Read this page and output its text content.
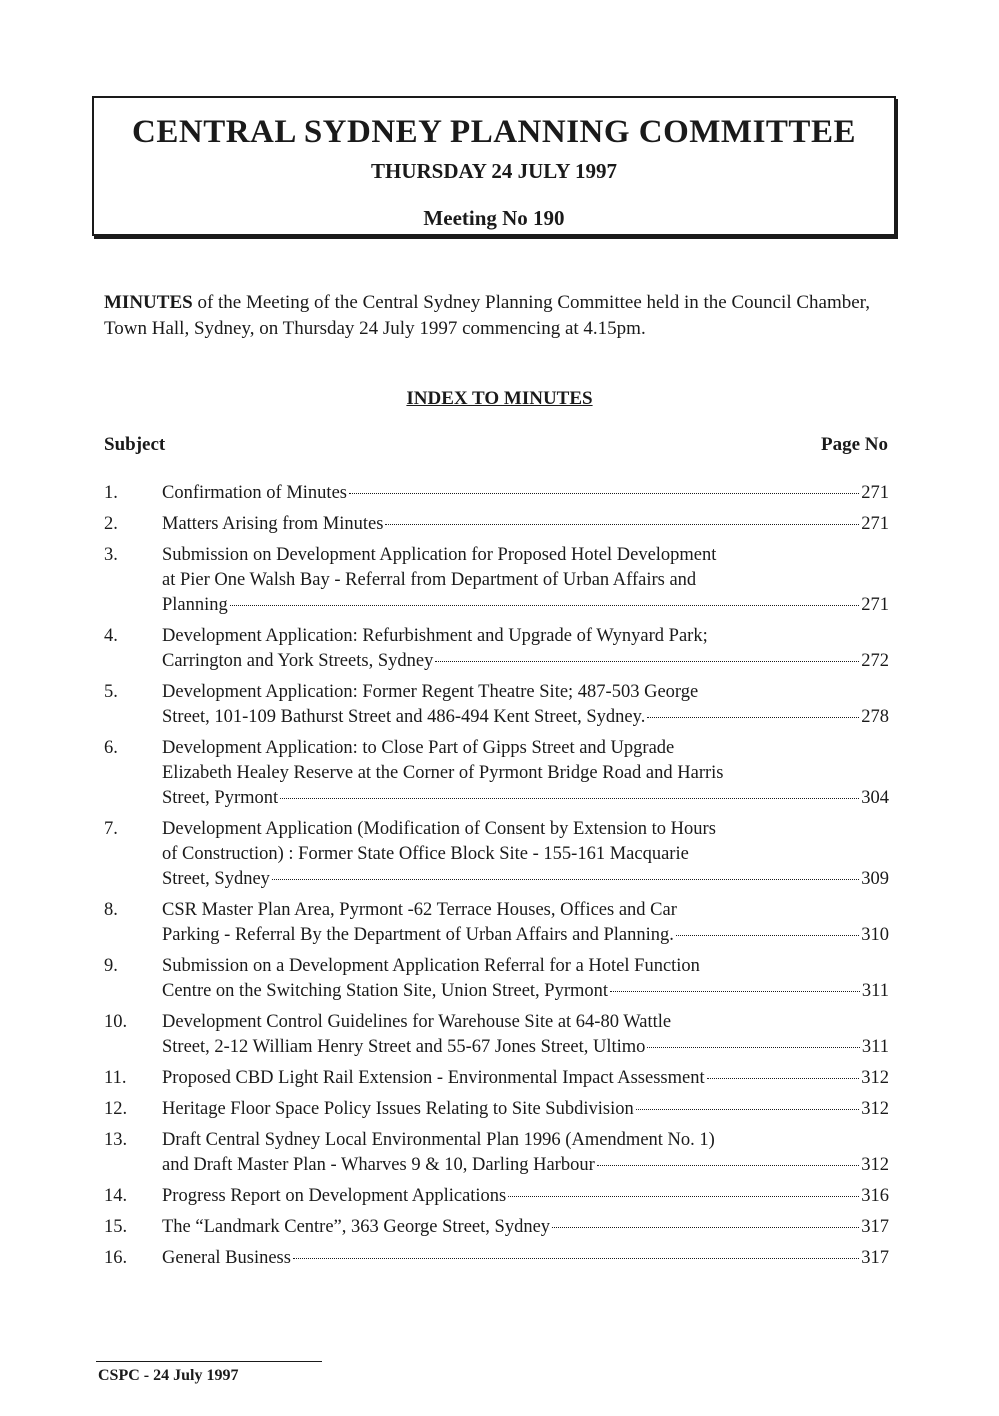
CENTRAL SYDNEY PLANNING COMMITTEE
THURSDAY 24 JULY 1997
Meeting No 190
MINUTES of the Meeting of the Central Sydney Planning Committee held in the Council Chamber, Town Hall, Sydney, on Thursday 24 July 1997 commencing at 4.15pm.
INDEX TO MINUTES
Subject	Page No
1. Confirmation of Minutes	271
2. Matters Arising from Minutes	271
3. Submission on Development Application for Proposed Hotel Development
at Pier One Walsh Bay - Referral from Department of Urban Affairs and
Planning	271
4. Development Application: Refurbishment and Upgrade of Wynyard Park;
Carrington and York Streets, Sydney	272
5. Development Application: Former Regent Theatre Site; 487-503 George
Street, 101-109 Bathurst Street and 486-494 Kent Street, Sydney.	278
6. Development Application: to Close Part of Gipps Street and Upgrade
Elizabeth Healey Reserve at the Corner of Pyrmont Bridge Road and Harris
Street, Pyrmont	304
7. Development Application (Modification of Consent by Extension to Hours
of Construction) : Former State Office Block Site - 155-161 Macquarie
Street, Sydney	309
8. CSR Master Plan Area, Pyrmont -62 Terrace Houses, Offices and Car
Parking - Referral By the Department of Urban Affairs and Planning.	310
9. Submission on a Development Application Referral for a Hotel Function
Centre on the Switching Station Site, Union Street, Pyrmont	311
10. Development Control Guidelines for Warehouse Site at 64-80 Wattle
Street, 2-12 William Henry Street and 55-67 Jones Street, Ultimo	311
11. Proposed CBD Light Rail Extension - Environmental Impact Assessment	312
12. Heritage Floor Space Policy Issues Relating to Site Subdivision	312
13. Draft Central Sydney Local Environmental Plan 1996 (Amendment No. 1)
and Draft Master Plan - Wharves 9 & 10, Darling Harbour	312
14. Progress Report on Development Applications	316
15. The “Landmark Centre”, 363 George Street, Sydney	317
16. General Business	317
CSPC - 24 July 1997
